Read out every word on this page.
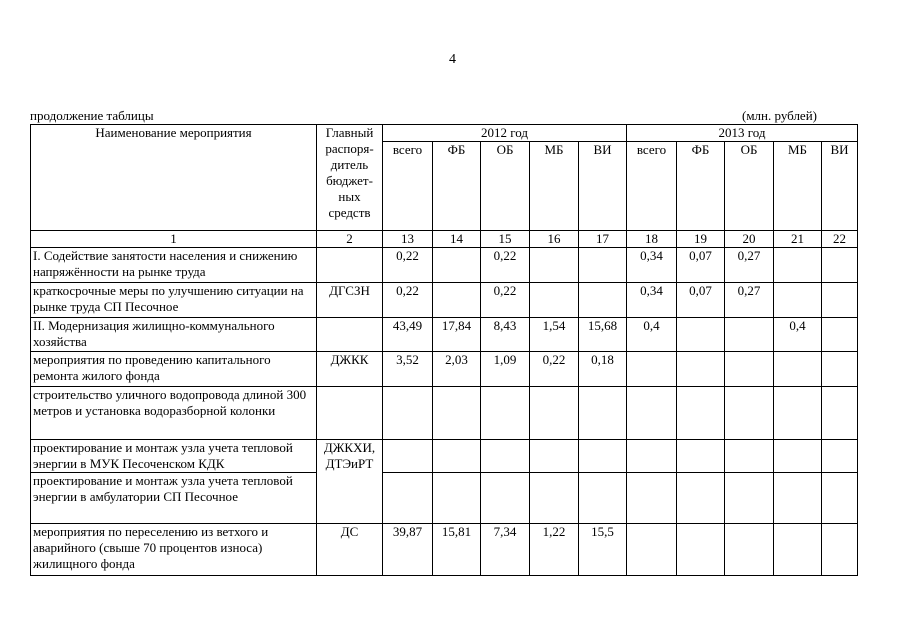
4
продолжение таблицы	(млн. рублей)
Наименование мероприятия	Главный распоря-дитель бюджет-ных средств	2012 год					2013 год				
		всего	ФБ	ОБ	МБ	ВИ	всего	ФБ	ОБ	МБ	ВИ
1	2	13	14	15	16	17	18	19	20	21	22
I. Содействие занятости населения и снижению напряжённости на рынке труда		0,22		0,22			0,34	0,07	0,27		
краткосрочные меры по улучшению ситуации на рынке труда СП Песочное	ДГСЗН	0,22		0,22			0,34	0,07	0,27		
II. Модернизация жилищно-коммунального хозяйства		43,49	17,84	8,43	1,54	15,68	0,4			0,4	
мероприятия по проведению капитального ремонта жилого фонда	ДЖКК	3,52	2,03	1,09	0,22	0,18					
строительство уличного водопровода длиной 300 метров и установка водоразборной колонки											
проектирование и монтаж узла учета тепловой энергии в МУК Песоченском КДК	ДЖКХИ, ДТЭиРТ										
проектирование и монтаж узла учета тепловой энергии в амбулатории СП Песочное											
мероприятия по переселению из ветхого и аварийного (свыше 70 процентов износа) жилищного фонда	ДС	39,87	15,81	7,34	1,22	15,5					
